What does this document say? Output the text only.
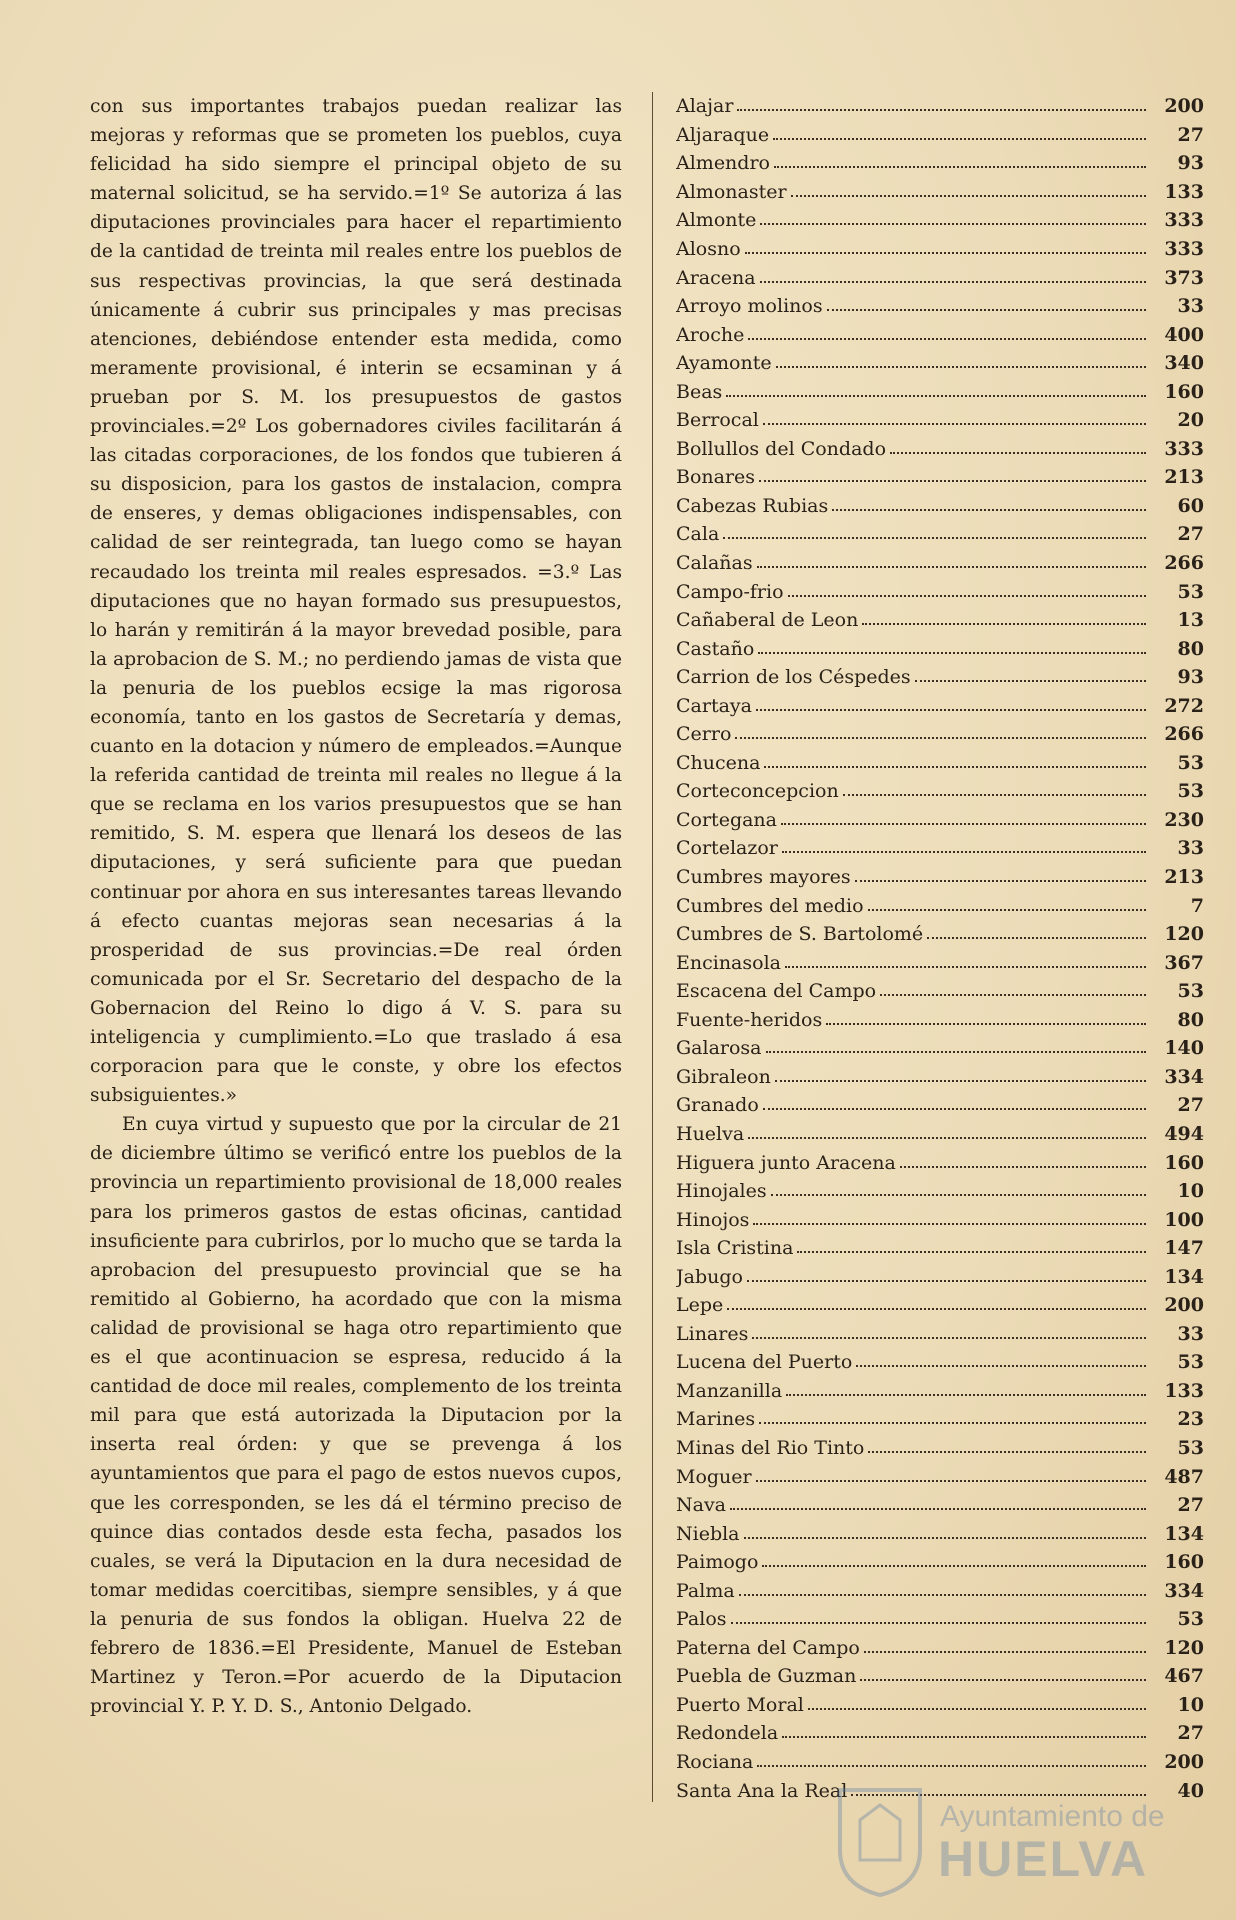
con sus importantes trabajos puedan realizar las mejoras y reformas que se prometen los pueblos, cuya felicidad ha sido siempre el principal objeto de su maternal solicitud, se ha servido.=1º Se autoriza á las diputaciones provinciales para hacer el repartimiento de la cantidad de treinta mil reales entre los pueblos de sus respectivas provincias, la que será destinada únicamente á cubrir sus principales y mas precisas atenciones, debiéndose entender esta medida, como meramente provisional, é interin se ecsaminan y á prueban por S. M. los presupuestos de gastos provinciales.=2º Los gobernadores civiles facilitarán á las citadas corporaciones, de los fondos que tubieren á su disposicion, para los gastos de instalacion, compra de enseres, y demas obligaciones indispensables, con calidad de ser reintegrada, tan luego como se hayan recaudado los treinta mil reales espresados. =3.º Las diputaciones que no hayan formado sus presupuestos, lo harán y remitirán á la mayor brevedad posible, para la aprobacion de S. M.; no perdiendo jamas de vista que la penuria de los pueblos ecsige la mas rigorosa economía, tanto en los gastos de Secretaría y demas, cuanto en la dotacion y número de empleados.=Aunque la referida cantidad de treinta mil reales no llegue á la que se reclama en los varios presupuestos que se han remitido, S. M. espera que llenará los deseos de las diputaciones, y será suficiente para que puedan continuar por ahora en sus interesantes tareas llevando á efecto cuantas mejoras sean necesarias á la prosperidad de sus provincias.=De real órden comunicada por el Sr. Secretario del despacho de la Gobernacion del Reino lo digo á V. S. para su inteligencia y cumplimiento.=Lo que traslado á esa corporacion para que le conste, y obre los efectos subsiguientes.»

En cuya virtud y supuesto que por la circular de 21 de diciembre último se verificó entre los pueblos de la provincia un repartimiento provisional de 18,000 reales para los primeros gastos de estas oficinas, cantidad insuficiente para cubrirlos, por lo mucho que se tarda la aprobacion del presupuesto provincial que se ha remitido al Gobierno, ha acordado que con la misma calidad de provisional se haga otro repartimiento que es el que acontinuacion se espresa, reducido á la cantidad de doce mil reales, complemento de los treinta mil para que está autorizada la Diputacion por la inserta real órden: y que se prevenga á los ayuntamientos que para el pago de estos nuevos cupos, que les corresponden, se les dá el término preciso de quince dias contados desde esta fecha, pasados los cuales, se verá la Diputacion en la dura necesidad de tomar medidas coercitibas, siempre sensibles, y á que la penuria de sus fondos la obligan. Huelva 22 de febrero de 1836.=El Presidente, Manuel de Esteban Martinez y Teron.=Por acuerdo de la Diputacion provincial Y. P. Y. D. S., Antonio Delgado.

Alajar	200
Aljaraque	27
Almendro	93
Almonaster	133
Almonte	333
Alosno	333
Aracena	373
Arroyo molinos	33
Aroche	400
Ayamonte	340
Beas	160
Berrocal	20
Bollullos del Condado	333
Bonares	213
Cabezas Rubias	60
Cala	27
Calañas	266
Campo-frio	53
Cañaberal de Leon	13
Castaño	80
Carrion de los Céspedes	93
Cartaya	272
Cerro	266
Chucena	53
Corteconcepcion	53
Cortegana	230
Cortelazor	33
Cumbres mayores	213
Cumbres del medio	7
Cumbres de S. Bartolomé	120
Encinasola	367
Escacena del Campo	53
Fuente-heridos	80
Galarosa	140
Gibraleon	334
Granado	27
Huelva	494
Higuera junto Aracena	160
Hinojales	10
Hinojos	100
Isla Cristina	147
Jabugo	134
Lepe	200
Linares	33
Lucena del Puerto	53
Manzanilla	133
Marines	23
Minas del Rio Tinto	53
Moguer	487
Nava	27
Niebla	134
Paimogo	160
Palma	334
Palos	53
Paterna del Campo	120
Puebla de Guzman	467
Puerto Moral	10
Redondela	27
Rociana	200
Santa Ana la Real	40
Ayuntamiento de
HUELVA
